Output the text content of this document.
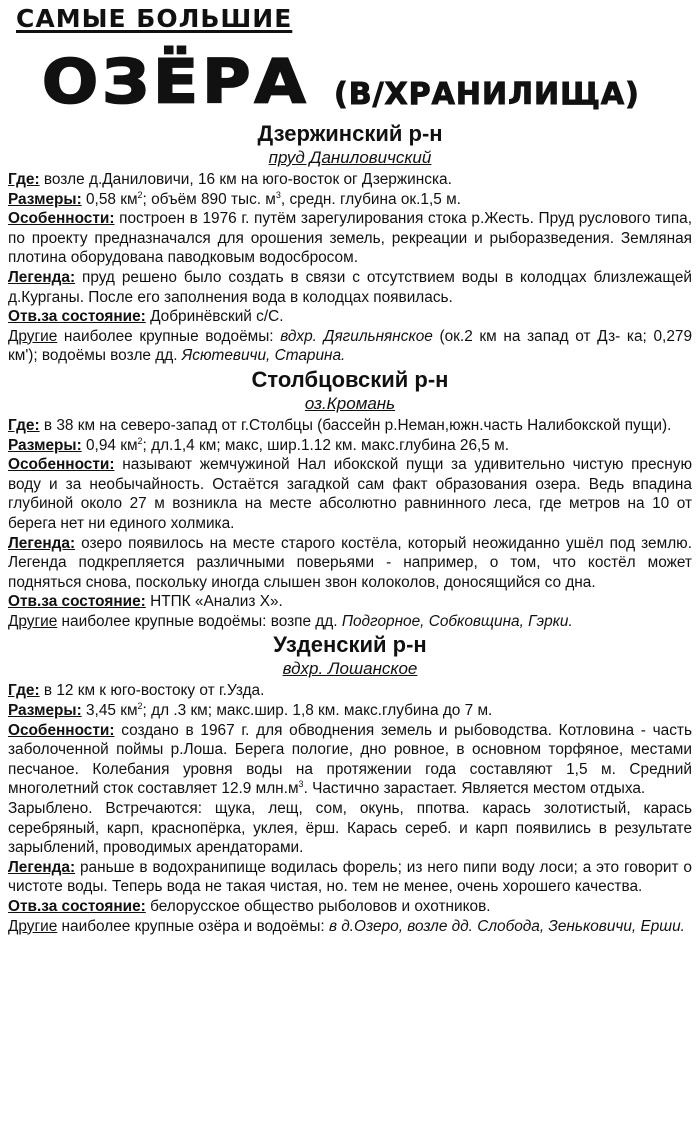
САМЫЕ БОЛЬШИЕ
ОЗЁРА (В/ХРАНИЛИЩА)

Дзержинский р-н

пруд Даниловичский

Где: возле д.Даниловичи, 16 км на юго-восток ог Дзержинска.

Размеры: 0,58 $км^2$; объём 890 тыс. $м^3$, средн. глубина ок.1,5 м.

Особенности: построен в 1976 г. путём зарегулирования стока р.Жесть. Пруд руслового типа, по проекту предназначался для орошения земель, рекреации и рыборазведения. Земляная плотина оборудована паводковым водосбросом.

Легенда: пруд решено было создать в связи с отсутствием воды в колодцах близлежащей д.Курганы. После его заполнения вода в колодцах появилась.

Отв.за состояние: Добринёвский с/С.

Другие наиболее крупные водоёмы: вдхр. Дягильнянское (ок.2 км на запад от Дз- ка; 0,279 км'); водоёмы возле дд. Ясютевичи, Старина.

Столбцовский р-н

оз.Кромань

Где: в 38 км на северо-запад от г.Столбцы (бассейн р.Неман,южн.часть Налибокской пущи).

Размеры: 0,94 $км^2$; дл.1,4 км; макс, шир.1.12 км. макс.глубина 26,5 м.

Особенности: называют жемчужиной Нал ибокской пущи за удивительно чистую пресную воду и за необычайность. Остаётся загадкой сам факт образования озера. Ведь впадина глубиной около 27 м возникла на месте абсолютно равнинного леса, где метров на 10 от берега нет ни единого холмика.

Легенда: озеро появилось на месте старого костёла, который неожиданно ушёл под землю. Легенда подкрепляется различными поверьями - например, о том, что костёл может подняться снова, поскольку иногда слышен звон колоколов, доносящийся со дна.

Отв.за состояние: НТПК «Анализ Х».

Другие наиболее крупные водоёмы: возпе дд. Подгорное, Собковщина, Гэрки.

Узденский р-н

вдхр. Лошанское

Где: в 12 км к юго-востоку от г.Узда.

Размеры: 3,45 $км^2$; дл .3 км; макс.шир. 1,8 км. макс.глубина до 7 м.

Особенности: создано в 1967 г. для обводнения земель и рыбоводства. Котловина - часть заболоченной поймы р.Лоша. Берега пологие, дно ровное, в основном торфяное, местами песчаное. Колебания уровня воды на протяжении года составляют 1,5 м. Средний многолетний сток составляет 12.9 $млн.м^3$. Частично зарастает. Является местом отдыха.

Зарыблено. Встречаются: щука, лещ, сом, окунь, ппотва. карась золотистый, карась серебряный, карп, краснопёрка, уклея, ёрш. Карась сереб. и карп появились в результате зарыблений, проводимых арендаторами.

Легенда: раньше в водохранипище водилась форель; из него пипи воду лоси; а это говорит о чистоте воды. Теперь вода не такая чистая, но. тем не менее, очень хорошего качества.

Отв.за состояние: белорусское общество рыболовов и охотников.

Другие наиболее крупные озёра и водоёмы: в д.Озеро, возле дд. Слобода, Зеньковичи, Ерши.
